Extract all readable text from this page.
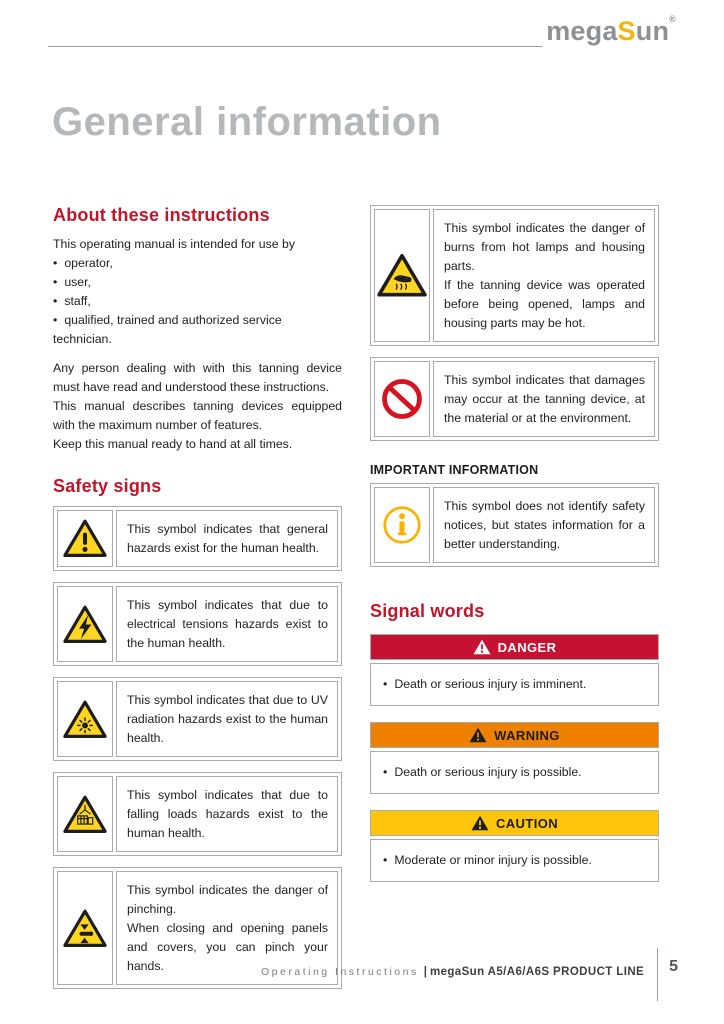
megaSun®
General information
About these instructions
This operating manual is intended for use by
• operator,
• user,
• staff,
• qualified, trained and authorized service technician.
Any person dealing with with this tanning device must have read and understood these instructions.
This manual describes tanning devices equipped with the maximum number of features.
Keep this manual ready to hand at all times.
Safety signs

This symbol indicates that general hazards exist for the human health.

This symbol indicates that due to electrical tensions hazards exist to the human health.

This symbol indicates that due to UV radiation hazards exist to the human health.

This symbol indicates that due to falling loads hazards exist to the human health.

This symbol indicates the danger of pinching.

When closing and opening panels and covers, you can pinch your hands.

This symbol indicates the danger of burns from hot lamps and housing parts.

If the tanning device was operated before being opened, lamps and housing parts may be hot.

This symbol indicates that damages may occur at the tanning device, at the material or at the environment.

IMPORTANT INFORMATION

This symbol does not identify safety notices, but states information for a better understanding.

Signal words
DANGER
• Death or serious injury is imminent.
WARNING
• Death or serious injury is possible.
CAUTION
• Moderate or minor injury is possible.
Operating Instructions | megaSun A5/A6/A6S PRODUCT LINE 5
